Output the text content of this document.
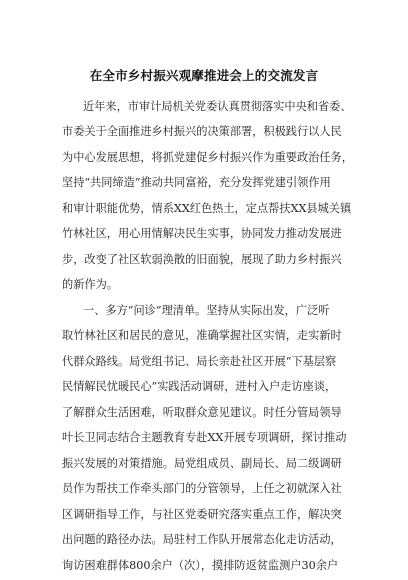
在全市乡村振兴观摩推进会上的交流发言
近年来，市审计局机关党委认真贯彻落实中央和省委、
市委关于全面推进乡村振兴的决策部署，积极践行以人民
为中心发展思想，将抓党建促乡村振兴作为重要政治任务，
坚持“共同缔造”推动共同富裕，充分发挥党建引领作用
和审计职能优势，情系XX红色热土，定点帮扶XX县城关镇
竹林社区，用心用情解决民生实事，协同发力推动发展进
步，改变了社区软弱涣散的旧面貌，展现了助力乡村振兴
的新作为。
一、多方“问诊”理清单。坚持从实际出发，广泛听
取竹林社区和居民的意见，准确掌握社区实情，走实新时
代群众路线。局党组书记、局长亲赴社区开展“下基层察
民情解民忧暖民心”实践活动调研，进村入户走访座谈，
了解群众生活困难，听取群众意见建议。时任分管局领导
叶长卫同志结合主题教育专赴XX开展专项调研，探讨推动
振兴发展的对策措施。局党组成员、副局长、局二级调研
员作为帮扶工作牵头部门的分管领导，上任之初就深入社
区调研指导工作，与社区党委研究落实重点工作，解决突
出问题的路径办法。局驻村工作队开展常态化走访活动，
询访困难群体800余户（次），摸排防返贫监测户30余户
